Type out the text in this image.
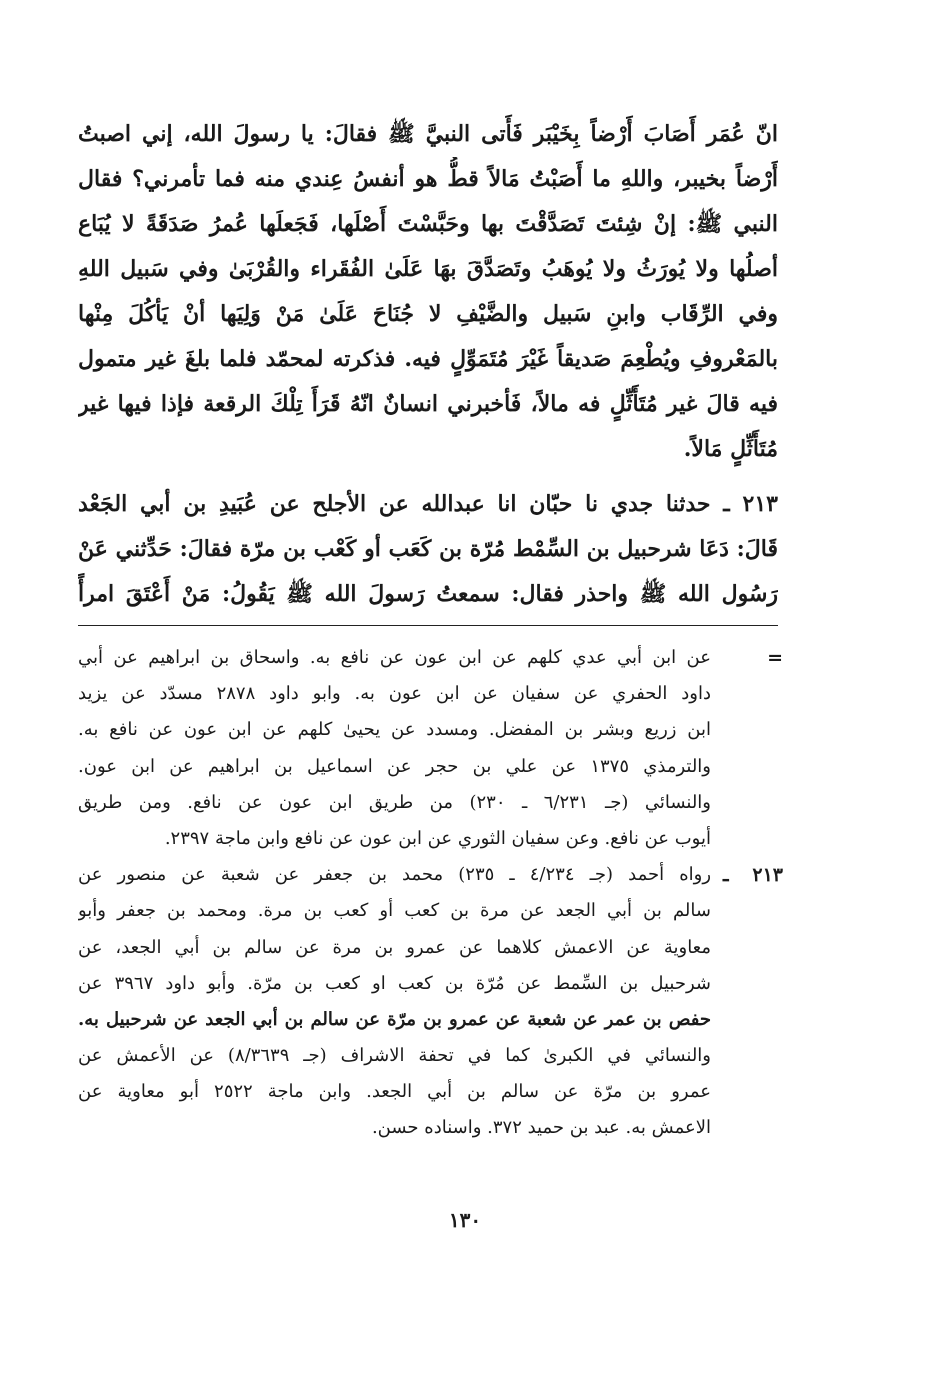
انّ عُمَر أَصَابَ أَرْضاً بِخَيْبَر فَأَتى النبيَّ ﷺ فقالَ: يا رسولَ الله، إني اصبتُ
أَرْضاً بخيبر، واللهِ ما أَصَبْتُ مَالاً قطُّ هو أنفسُ عِندي منه فما تأمرني؟ فقال
النبي ﷺ: إنْ شِئتَ تَصَدَّقْتَ بها وحَبَّسْتَ أَصْلَها، فَجَعلَها عُمرُ صَدَقَةً لا يُبَاع
أصلُها ولا يُورَثُ ولا يُوهَبُ وتَصَدَّقَ بهَا عَلَىٰ الفُقَراء والقُرْبَىٰ وفي سَبيل اللهِ
وفي الرِّقَاب وابنِ سَبيل والضَّيْفِ لا جُنَاحَ عَلَىٰ مَنْ وَلِيَها أنْ يَأكُلَ مِنْها
بالمَعْروفِ ويُطْعِمَ صَديقاً غَيْرَ مُتَمَوِّلٍ فيه. فذكرته لمحمّد فلما بلغَ غير متمول
فيه قالَ غير مُتَأَثِّلٍ فه مالاً، فَأخبرني انسانٌ انّهُ قَرَأَ تِلْكَ الرقعة فإذا فيها غير
مُتَأَثِّلٍ مَالاً.
٢١٣ ـ حدثنا جدي نا حبّان انا عبدالله عن الأجلح عن عُبَيدِ بن أبي الجَعْد
قَالَ: دَعَا شرحبيل بن السِّمْط مُرّة بن كَعَب أو كَعْب بن مرّة فقالَ: حَدِّثني عَنْ
رَسُول الله ﷺ واحذر فقال: سمعتُ رَسولَ الله ﷺ يَقُولُ: مَنْ أَعْتَقَ امرأً
=
عن ابن أبي عدي كلهم عن ابن عون عن نافع به. واسحاق بن ابراهيم عن أبي
داود الحفري عن سفيان عن ابن عون به. وابو داود ٢٨٧٨ مسدّد عن يزيد
ابن زريع وبشر بن المفضل. ومسدد عن يحيىٰ كلهم عن ابن عون عن نافع به.
والترمذي ١٣٧٥ عن علي بن حجر عن اسماعيل بن ابراهيم عن ابن عون.
والنسائي (جـ ٦/٢٣١ ـ ٢٣٠) من طريق ابن عون عن نافع. ومن طريق
أيوب عن نافع. وعن سفيان الثوري عن ابن عون عن نافع وابن ماجة ٢٣٩٧.
٢١٣ ـ
رواه أحمد (جـ ٤/٢٣٤ ـ ٢٣٥) محمد بن جعفر عن شعبة عن منصور عن
سالم بن أبي الجعد عن مرة بن كعب أو كعب بن مرة. ومحمد بن جعفر وأبو
معاوية عن الاعمش كلاهما عن عمرو بن مرة عن سالم بن أبي الجعد، عن
شرحبيل بن السِّمط عن مُرّة بن كعب او كعب بن مرّة. وأبو داود ٣٩٦٧ عن
حفص بن عمر عن شعبة عن عمرو بن مرّة عن سالم بن أبي الجعد عن شرحبيل به.
والنسائي في الكبرىٰ كما في تحفة الاشراف (جـ ٨/٣٦٣٩) عن الأعمش عن
عمرو بن مرّة عن سالم بن أبي الجعد. وابن ماجة ٢٥٢٢ أبو معاوية عن
الاعمش به. عبد بن حميد ٣٧٢. واسناده حسن.
١٣٠
